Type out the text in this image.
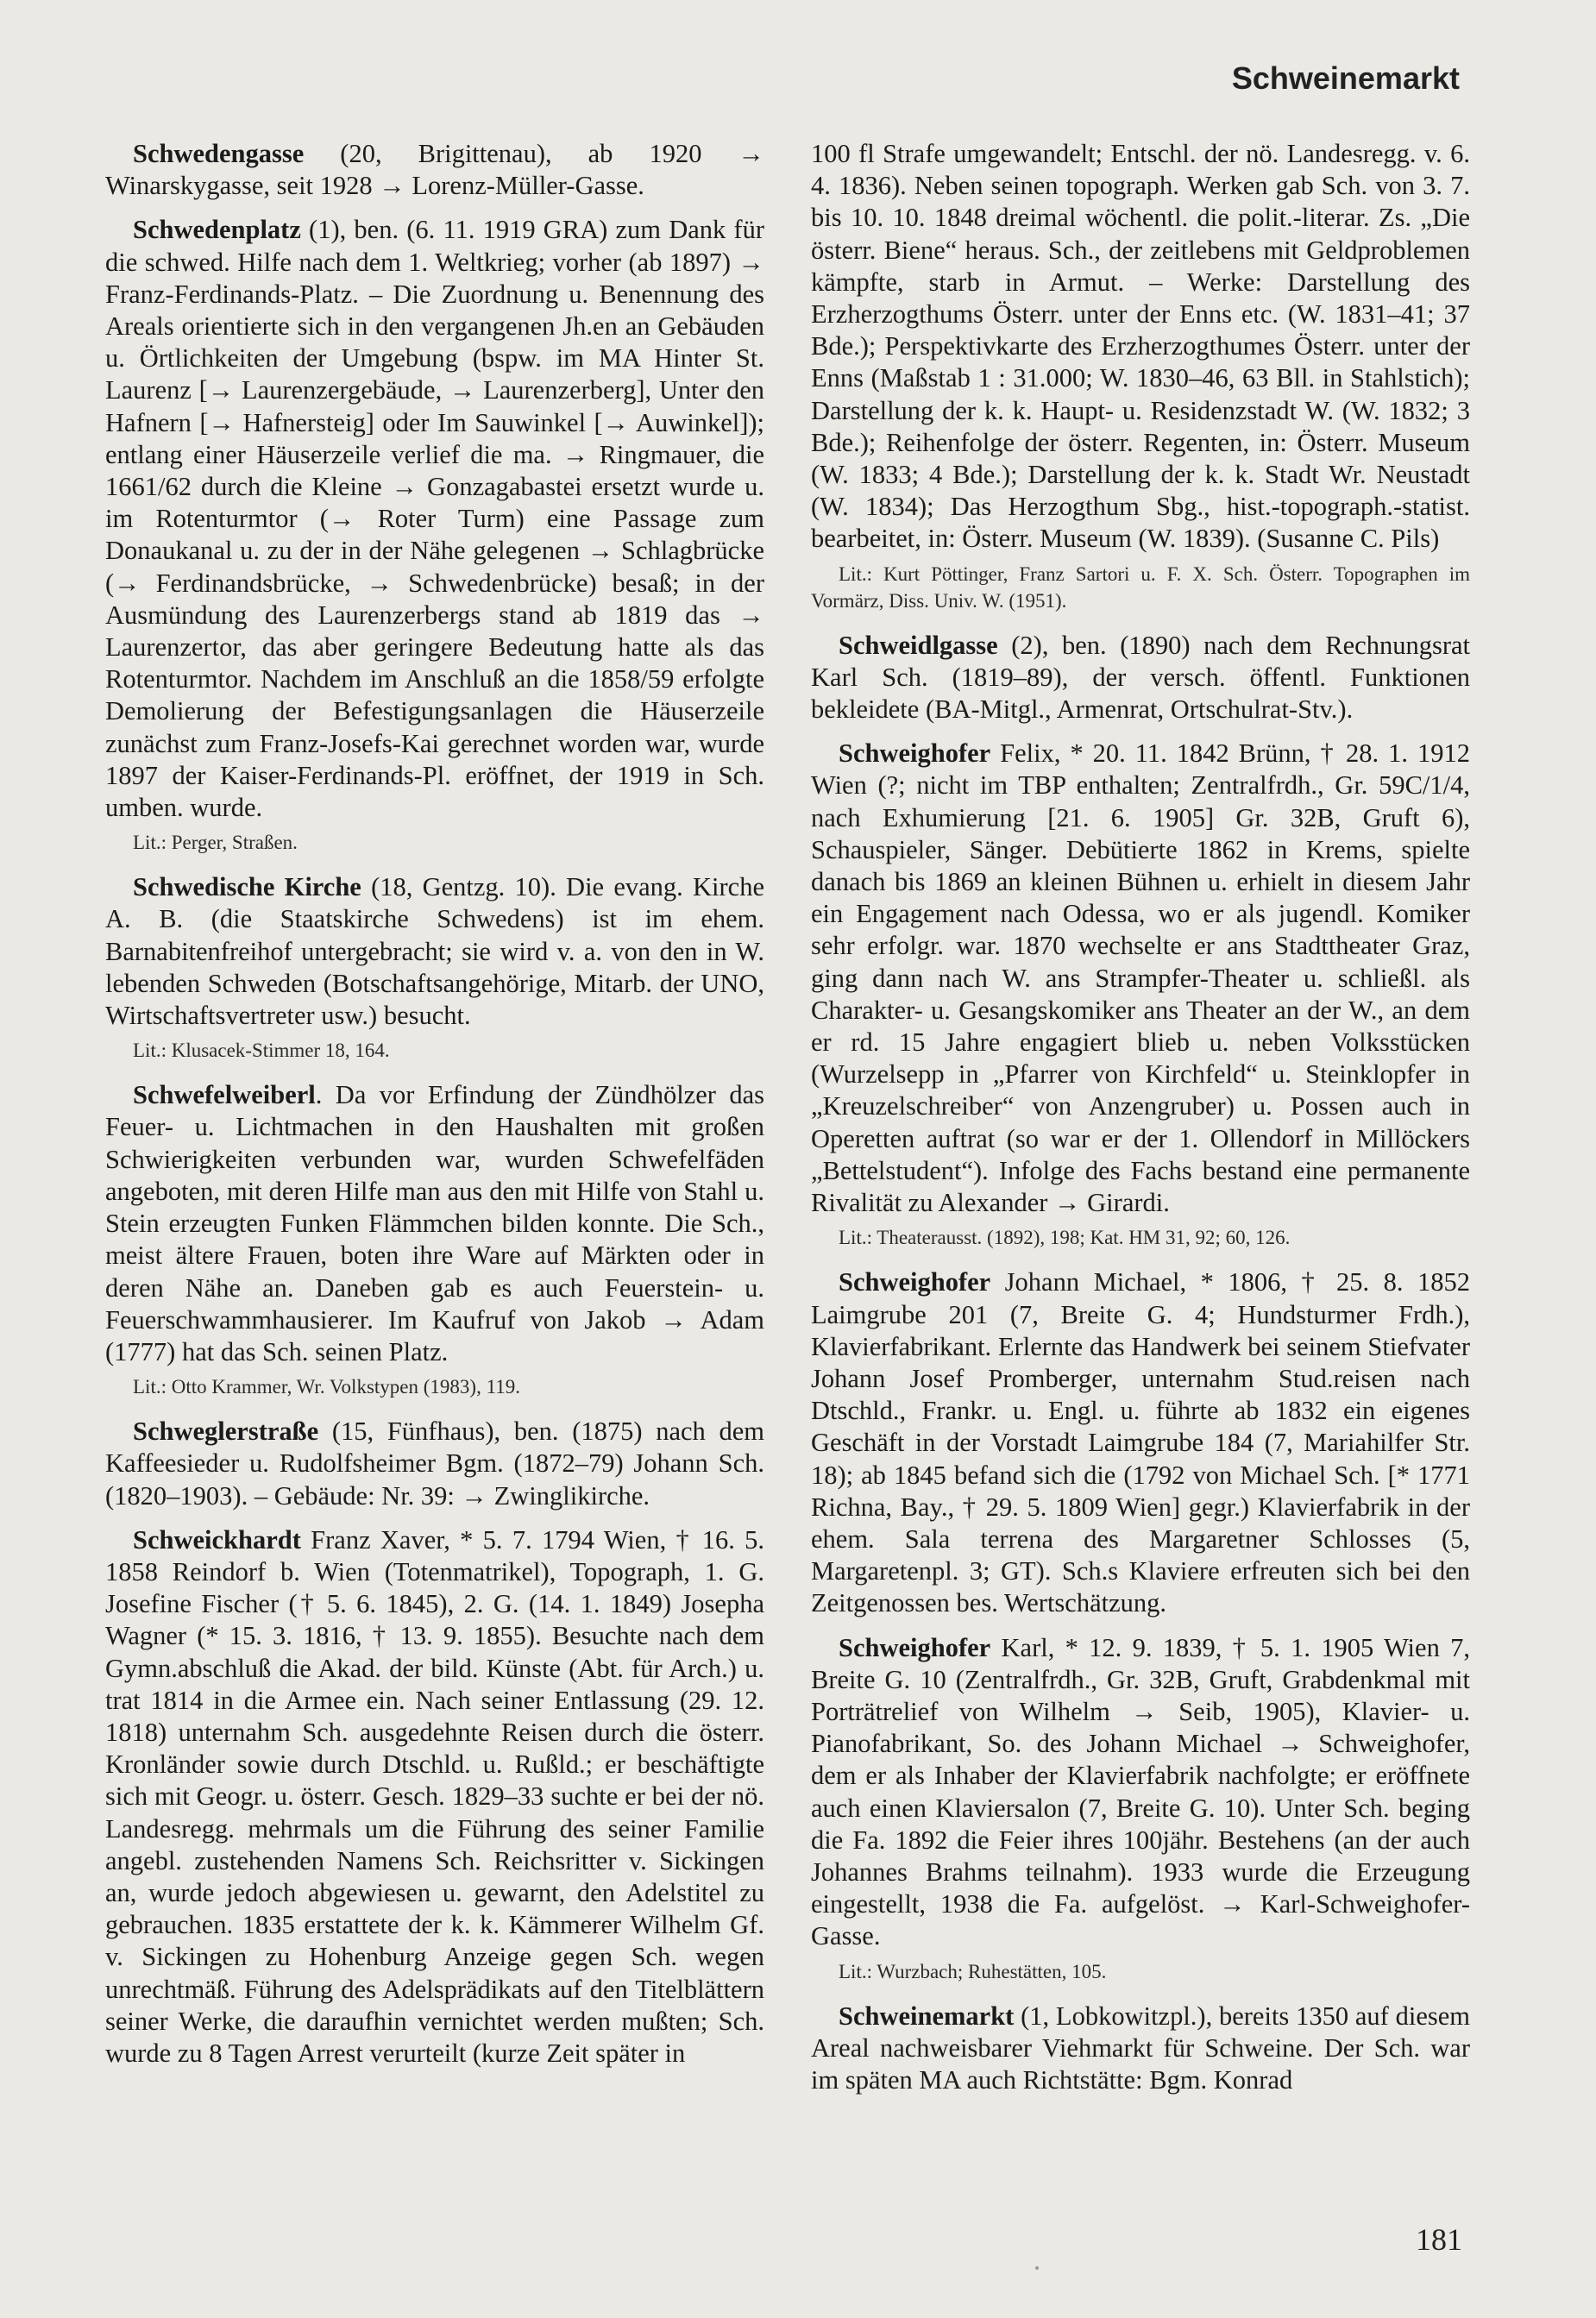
Schweinemarkt

Schwedengasse (20, Brigittenau), ab 1920 → Winarskygasse, seit 1928 → Lorenz-Müller-Gasse.

Schwedenplatz (1), ben. (6. 11. 1919 GRA) zum Dank für die schwed. Hilfe nach dem 1. Weltkrieg; vorher (ab 1897) → Franz-Ferdinands-Platz. – Die Zuordnung u. Benennung des Areals orientierte sich in den vergangenen Jh.en an Gebäuden u. Örtlichkeiten der Umgebung (bspw. im MA Hinter St. Laurenz [→ Laurenzergebäude, → Laurenzerberg], Unter den Hafnern [→ Hafnersteig] oder Im Sauwinkel [→ Auwinkel]); entlang einer Häuserzeile verlief die ma. → Ringmauer, die 1661/62 durch die Kleine → Gonzagabastei ersetzt wurde u. im Rotenturmtor (→ Roter Turm) eine Passage zum Donaukanal u. zu der in der Nähe gelegenen → Schlagbrücke (→ Ferdinandsbrücke, → Schwedenbrücke) besaß; in der Ausmündung des Laurenzerbergs stand ab 1819 das → Laurenzertor, das aber geringere Bedeutung hatte als das Rotenturmtor. Nachdem im Anschluß an die 1858/59 erfolgte Demolierung der Befestigungsanlagen die Häuserzeile zunächst zum Franz-Josefs-Kai gerechnet worden war, wurde 1897 der Kaiser-Ferdinands-Pl. eröffnet, der 1919 in Sch. umben. wurde.

Lit.: Perger, Straßen.

Schwedische Kirche (18, Gentzg. 10). Die evang. Kirche A. B. (die Staatskirche Schwedens) ist im ehem. Barnabitenfreihof untergebracht; sie wird v. a. von den in W. lebenden Schweden (Botschaftsangehörige, Mitarb. der UNO, Wirtschaftsvertreter usw.) besucht.

Lit.: Klusacek-Stimmer 18, 164.

Schwefelweiberl. Da vor Erfindung der Zündhölzer das Feuer- u. Lichtmachen in den Haushalten mit großen Schwierigkeiten verbunden war, wurden Schwefelfäden angeboten, mit deren Hilfe man aus den mit Hilfe von Stahl u. Stein erzeugten Funken Flämmchen bilden konnte. Die Sch., meist ältere Frauen, boten ihre Ware auf Märkten oder in deren Nähe an. Daneben gab es auch Feuerstein- u. Feuerschwammhausierer. Im Kaufruf von Jakob → Adam (1777) hat das Sch. seinen Platz.

Lit.: Otto Krammer, Wr. Volkstypen (1983), 119.

Schweglerstraße (15, Fünfhaus), ben. (1875) nach dem Kaffeesieder u. Rudolfsheimer Bgm. (1872–79) Johann Sch. (1820–1903). – Gebäude: Nr. 39: → Zwinglikirche.

Schweickhardt Franz Xaver, * 5. 7. 1794 Wien, † 16. 5. 1858 Reindorf b. Wien (Totenmatrikel), Topograph, 1. G. Josefine Fischer († 5. 6. 1845), 2. G. (14. 1. 1849) Josepha Wagner (* 15. 3. 1816, † 13. 9. 1855). Besuchte nach dem Gymn.abschluß die Akad. der bild. Künste (Abt. für Arch.) u. trat 1814 in die Armee ein. Nach seiner Entlassung (29. 12. 1818) unternahm Sch. ausgedehnte Reisen durch die österr. Kronländer sowie durch Dtschld. u. Rußld.; er beschäftigte sich mit Geogr. u. österr. Gesch. 1829–33 suchte er bei der nö. Landesregg. mehrmals um die Führung des seiner Familie angebl. zustehenden Namens Sch. Reichsritter v. Sickingen an, wurde jedoch abgewiesen u. gewarnt, den Adelstitel zu gebrauchen. 1835 erstattete der k. k. Kämmerer Wilhelm Gf. v. Sickingen zu Hohenburg Anzeige gegen Sch. wegen unrechtmäß. Führung des Adelsprädikats auf den Titelblättern seiner Werke, die daraufhin vernichtet werden mußten; Sch. wurde zu 8 Tagen Arrest verurteilt (kurze Zeit später in

100 fl Strafe umgewandelt; Entschl. der nö. Landesregg. v. 6. 4. 1836). Neben seinen topograph. Werken gab Sch. von 3. 7. bis 10. 10. 1848 dreimal wöchentl. die polit.-literar. Zs. „Die österr. Biene“ heraus. Sch., der zeitlebens mit Geldproblemen kämpfte, starb in Armut. – Werke: Darstellung des Erzherzogthums Österr. unter der Enns etc. (W. 1831–41; 37 Bde.); Perspektivkarte des Erzherzogthumes Österr. unter der Enns (Maßstab 1 : 31.000; W. 1830–46, 63 Bll. in Stahlstich); Darstellung der k. k. Haupt- u. Residenzstadt W. (W. 1832; 3 Bde.); Reihenfolge der österr. Regenten, in: Österr. Museum (W. 1833; 4 Bde.); Darstellung der k. k. Stadt Wr. Neustadt (W. 1834); Das Herzogthum Sbg., hist.-topograph.-statist. bearbeitet, in: Österr. Museum (W. 1839). (Susanne C. Pils)

Lit.: Kurt Pöttinger, Franz Sartori u. F. X. Sch. Österr. Topographen im Vormärz, Diss. Univ. W. (1951).

Schweidlgasse (2), ben. (1890) nach dem Rechnungsrat Karl Sch. (1819–89), der versch. öffentl. Funktionen bekleidete (BA-Mitgl., Armenrat, Ortschulrat-Stv.).

Schweighofer Felix, * 20. 11. 1842 Brünn, † 28. 1. 1912 Wien (?; nicht im TBP enthalten; Zentralfrdh., Gr. 59C/1/4, nach Exhumierung [21. 6. 1905] Gr. 32B, Gruft 6), Schauspieler, Sänger. Debütierte 1862 in Krems, spielte danach bis 1869 an kleinen Bühnen u. erhielt in diesem Jahr ein Engagement nach Odessa, wo er als jugendl. Komiker sehr erfolgr. war. 1870 wechselte er ans Stadttheater Graz, ging dann nach W. ans Strampfer-Theater u. schließl. als Charakter- u. Gesangskomiker ans Theater an der W., an dem er rd. 15 Jahre engagiert blieb u. neben Volksstücken (Wurzelsepp in „Pfarrer von Kirchfeld“ u. Steinklopfer in „Kreuzelschreiber“ von Anzengruber) u. Possen auch in Operetten auftrat (so war er der 1. Ollendorf in Millöckers „Bettelstudent“). Infolge des Fachs bestand eine permanente Rivalität zu Alexander → Girardi.

Lit.: Theaterausst. (1892), 198; Kat. HM 31, 92; 60, 126.

Schweighofer Johann Michael, * 1806, † 25. 8. 1852 Laimgrube 201 (7, Breite G. 4; Hundsturmer Frdh.), Klavierfabrikant. Erlernte das Handwerk bei seinem Stiefvater Johann Josef Promberger, unternahm Stud.reisen nach Dtschld., Frankr. u. Engl. u. führte ab 1832 ein eigenes Geschäft in der Vorstadt Laimgrube 184 (7, Mariahilfer Str. 18); ab 1845 befand sich die (1792 von Michael Sch. [* 1771 Richna, Bay., † 29. 5. 1809 Wien] gegr.) Klavierfabrik in der ehem. Sala terrena des Margaretner Schlosses (5, Margaretenpl. 3; GT). Sch.s Klaviere erfreuten sich bei den Zeitgenossen bes. Wertschätzung.

Schweighofer Karl, * 12. 9. 1839, † 5. 1. 1905 Wien 7, Breite G. 10 (Zentralfrdh., Gr. 32B, Gruft, Grabdenkmal mit Porträtrelief von Wilhelm → Seib, 1905), Klavier- u. Pianofabrikant, So. des Johann Michael → Schweighofer, dem er als Inhaber der Klavierfabrik nachfolgte; er eröffnete auch einen Klaviersalon (7, Breite G. 10). Unter Sch. beging die Fa. 1892 die Feier ihres 100jähr. Bestehens (an der auch Johannes Brahms teilnahm). 1933 wurde die Erzeugung eingestellt, 1938 die Fa. aufgelöst. → Karl-Schweighofer-Gasse.

Lit.: Wurzbach; Ruhestätten, 105.

Schweinemarkt (1, Lobkowitzpl.), bereits 1350 auf diesem Areal nachweisbarer Viehmarkt für Schweine. Der Sch. war im späten MA auch Richtstätte: Bgm. Konrad

181
